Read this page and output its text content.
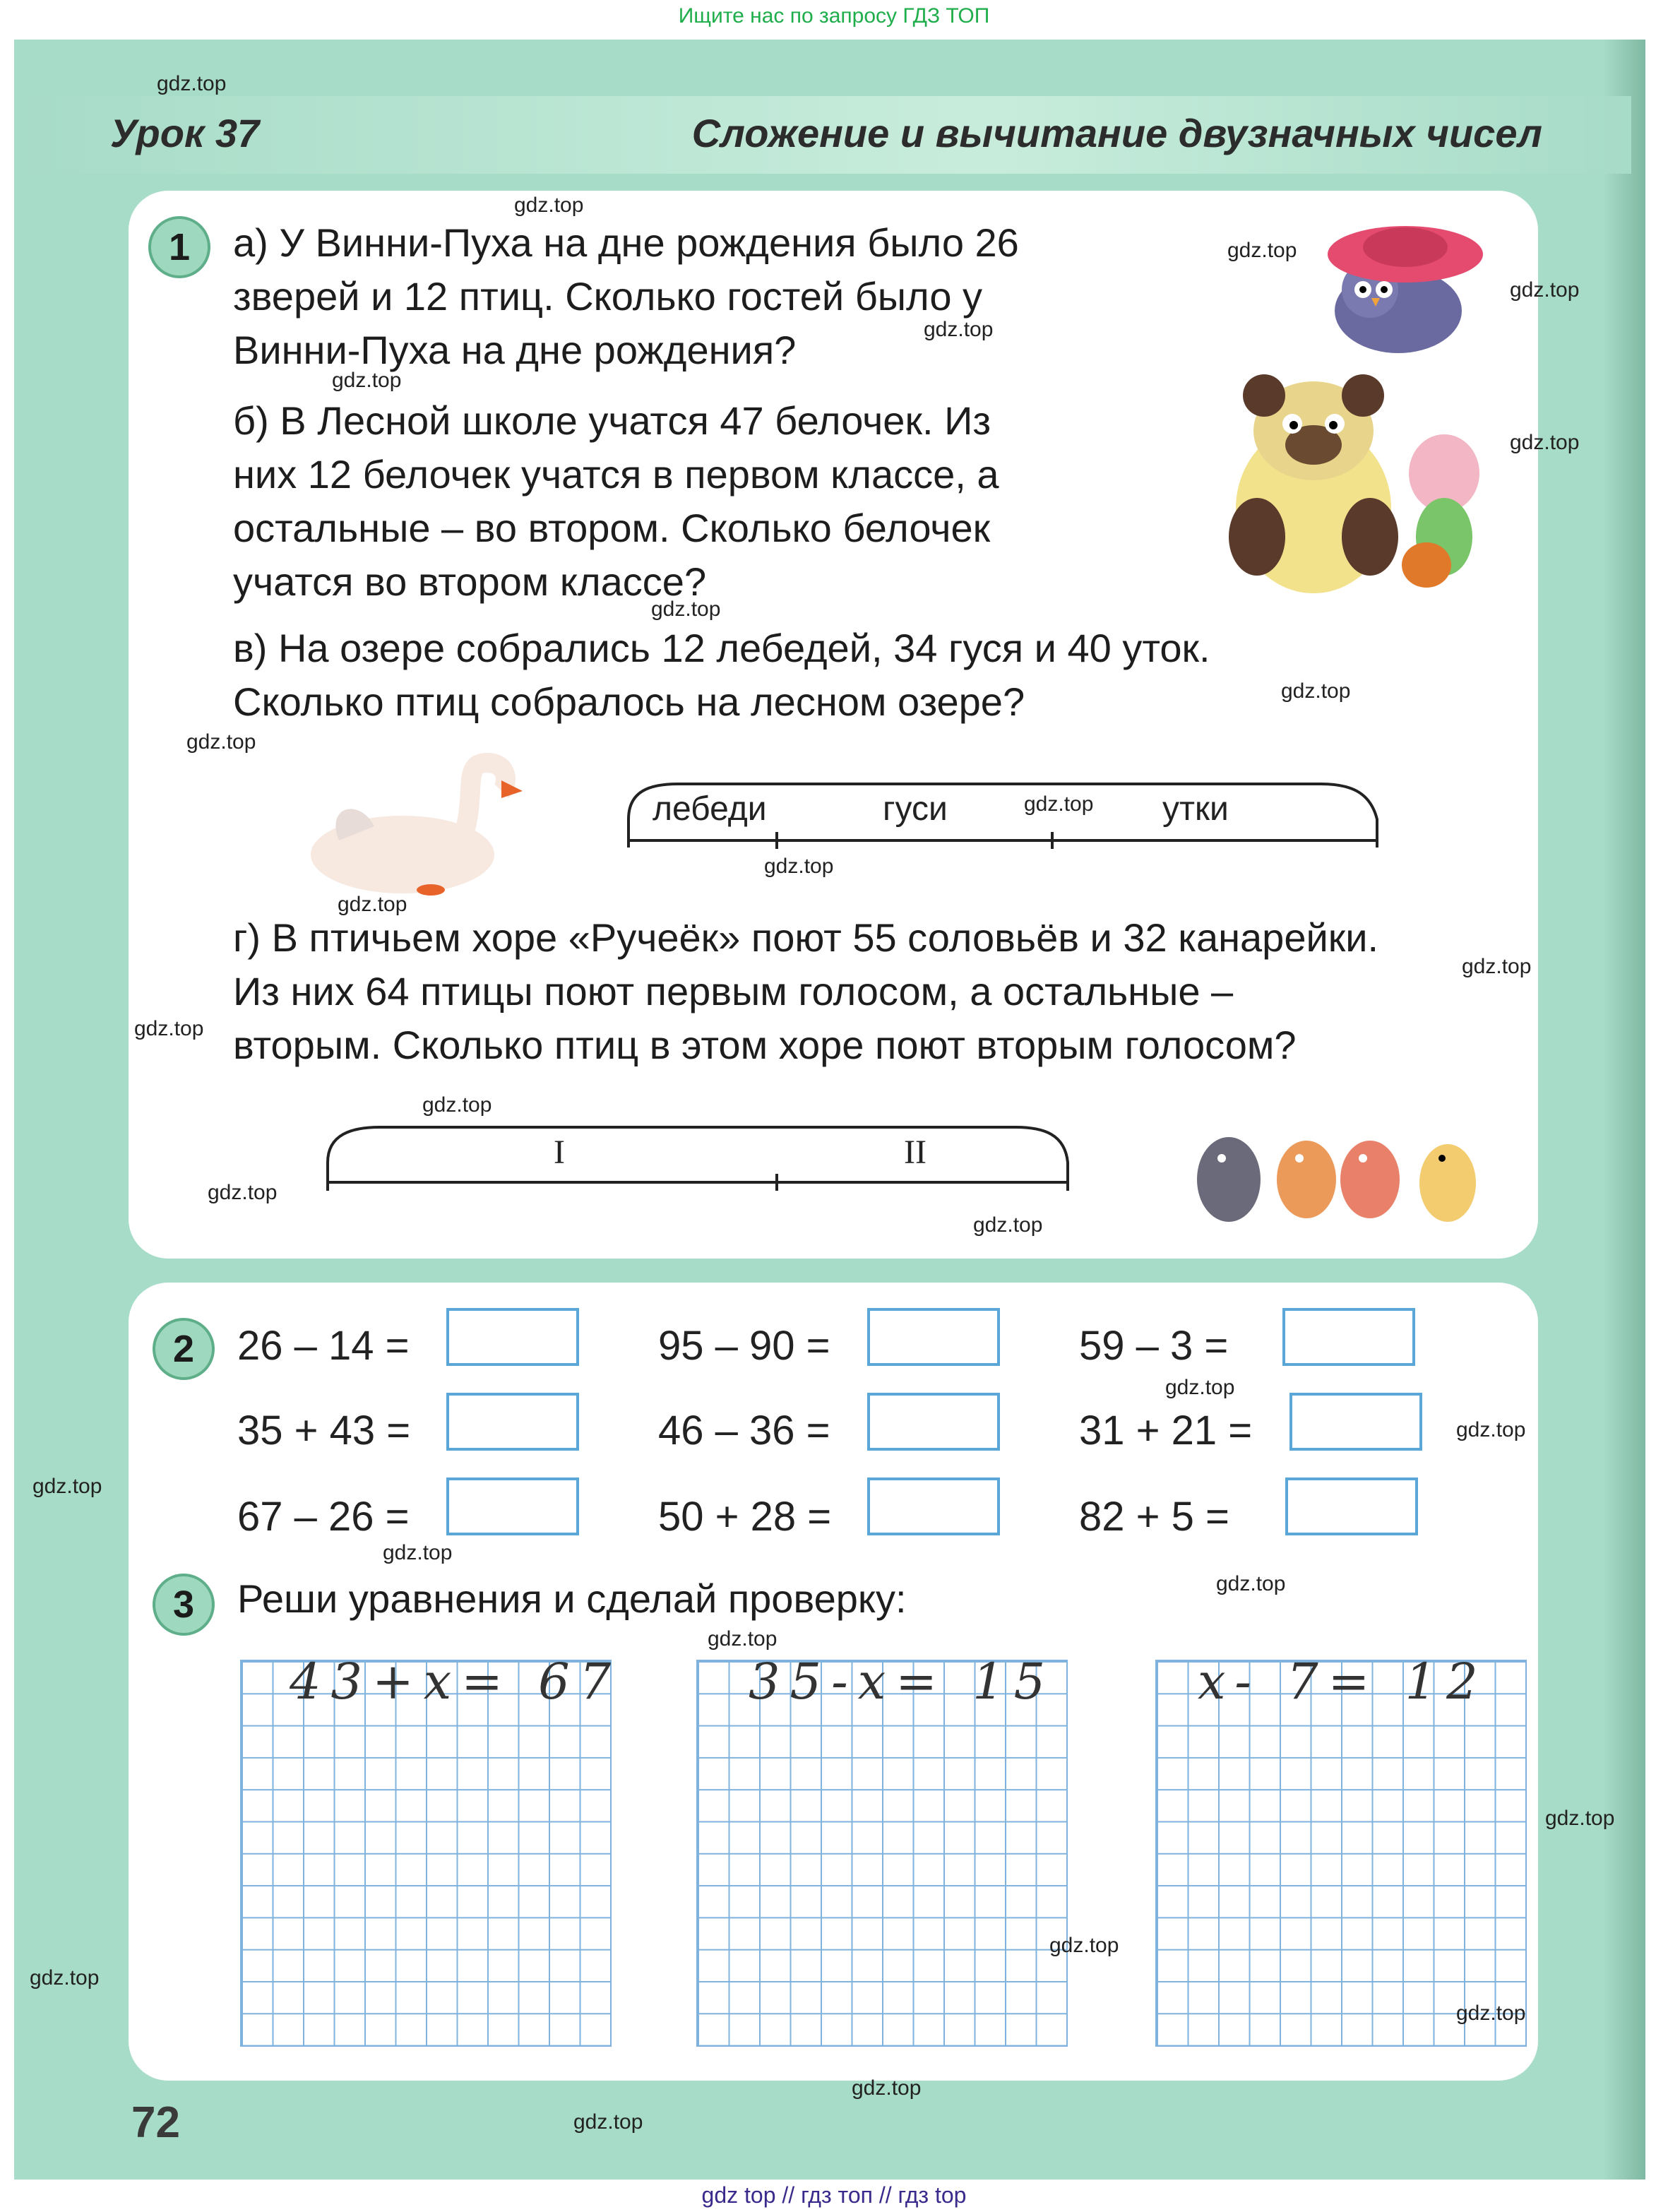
Ищите нас по запросу ГДЗ ТОП
Урок 37	Сложение и вычитание двузначных чисел
1	а) У Винни-Пуха на дне рождения было 26
зверей и 12 птиц. Сколько гостей было у
Винни-Пуха на дне рождения?
б) В Лесной школе учатся 47 белочек. Из
них 12 белочек учатся в первом классе, а
остальные – во втором. Сколько белочек
учатся во втором классе?
в) На озере собрались 12 лебедей, 34 гуся и 40 уток.
Сколько птиц собралось на лесном озере?
лебеди	гуси	утки
г) В птичьем хоре «Ручеёк» поют 55 соловьёв и 32 канарейки.
Из них 64 птицы поют первым голосом, а остальные –
вторым. Сколько птиц в этом хоре поют вторым голосом?
I	II
2	26 – 14 =	95 – 90 =	59 – 3 =
35 + 43 =	46 – 36 =	31 + 21 =
67 – 26 =	50 + 28 =	82 + 5 =
3	Реши уравнения и сделай проверку:
43+x= 67	35-x= 15	x- 7= 12
72
gdz.top
gdz.top
gdz.top
gdz.top
gdz.top
gdz.top
gdz.top
gdz.top
gdz.top
gdz.top
gdz.top
gdz.top
gdz.top
gdz.top
gdz.top
gdz.top
gdz.top
gdz.top
gdz.top
gdz.top
gdz.top
gdz.top
gdz.top
gdz.top
gdz.top
gdz.top
gdz.top
gdz.top
gdz.top
gdz.top
gdz top // гдз топ // гдз top
